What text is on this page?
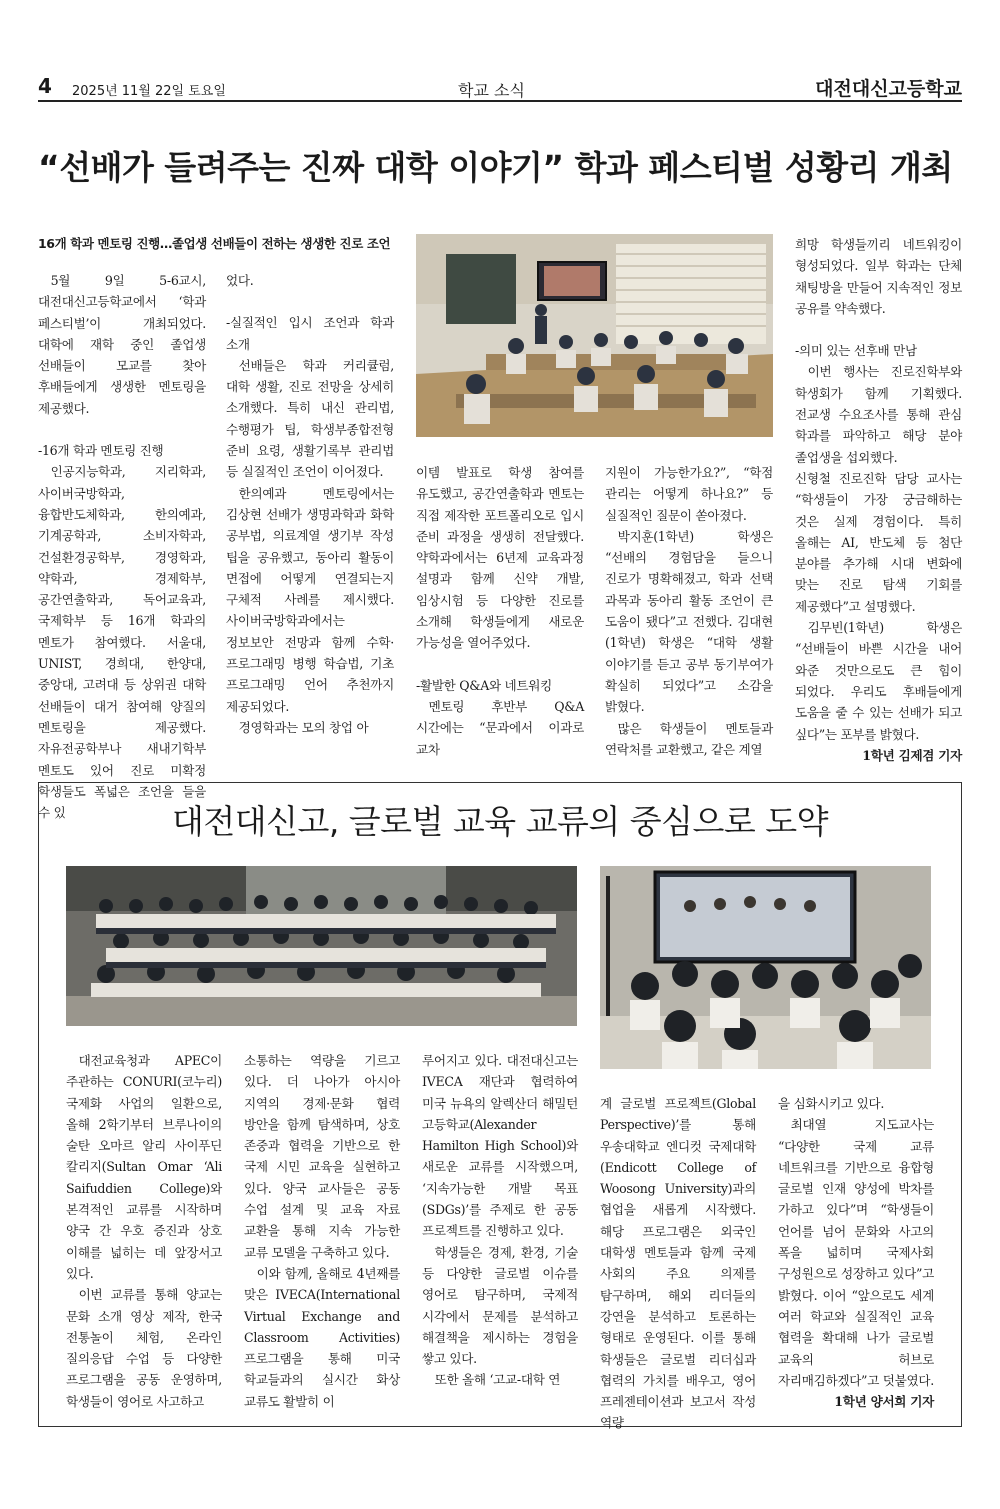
4 2025년 11월 22일 토요일	학교 소식	대전대신고등학교
“선배가 들려주는 진짜 대학 이야기” 학과 페스티벌 성황리 개최
16개 학과 멘토링 진행…졸업생 선배들이 전하는 생생한 진로 조언

5월 9일 5-6교시, 대전대신고등학교에서 ‘학과 페스티벌’이 개최되었다. 대학에 재학 중인 졸업생 선배들이 모교를 찾아 후배들에게 생생한 멘토링을 제공했다.

-16개 학과 멘토링 진행

인공지능학과, 지리학과, 사이버국방학과, 융합반도체학과, 한의예과, 기계공학과, 소비자학과, 건설환경공학부, 경영학과, 약학과, 경제학부, 공간연출학과, 독어교육과, 국제학부 등 16개 학과의 멘토가 참여했다. 서울대, UNIST, 경희대, 한양대, 중앙대, 고려대 등 상위권 대학 선배들이 대거 참여해 양질의 멘토링을 제공했다. 자유전공학부나 새내기학부 멘토도 있어 진로 미확정 학생들도 폭넓은 조언을 들을 수 있

었다.

-실질적인 입시 조언과 학과 소개

선배들은 학과 커리큘럼, 대학 생활, 진로 전망을 상세히 소개했다. 특히 내신 관리법, 수행평가 팁, 학생부종합전형 준비 요령, 생활기록부 관리법 등 실질적인 조언이 이어졌다.

한의예과 멘토링에서는 김상현 선배가 생명과학과 화학 공부법, 의료계열 생기부 작성 팁을 공유했고, 동아리 활동이 면접에 어떻게 연결되는지 구체적 사례를 제시했다. 사이버국방학과에서는 정보보안 전망과 함께 수학·프로그래밍 병행 학습법, 기초 프로그래밍 언어 추천까지 제공되었다.

경영학과는 모의 창업 아

이템 발표로 학생 참여를 유도했고, 공간연출학과 멘토는 직접 제작한 포트폴리오로 입시 준비 과정을 생생히 전달했다. 약학과에서는 6년제 교육과정 설명과 함께 신약 개발, 임상시험 등 다양한 진로를 소개해 학생들에게 새로운 가능성을 열어주었다.

-활발한 Q&A와 네트워킹

멘토링 후반부 Q&A 시간에는 “문과에서 이과로 교차

지원이 가능한가요?”, “학점 관리는 어떻게 하나요?” 등 실질적인 질문이 쏟아졌다.

박지훈(1학년) 학생은 “선배의 경험담을 들으니 진로가 명확해졌고, 학과 선택 과목과 동아리 활동 조언이 큰 도움이 됐다”고 전했다. 김대현(1학년) 학생은 “대학 생활 이야기를 듣고 공부 동기부여가 확실히 되었다”고 소감을 밝혔다.

많은 학생들이 멘토들과 연락처를 교환했고, 같은 계열

희망 학생들끼리 네트워킹이 형성되었다. 일부 학과는 단체 채팅방을 만들어 지속적인 정보 공유를 약속했다.

-의미 있는 선후배 만남

이번 행사는 진로진학부와 학생회가 함께 기획했다. 전교생 수요조사를 통해 관심 학과를 파악하고 해당 분야 졸업생을 섭외했다.

신형철 진로진학 담당 교사는 “학생들이 가장 궁금해하는 것은 실제 경험이다. 특히 올해는 AI, 반도체 등 첨단 분야를 추가해 시대 변화에 맞는 진로 탐색 기회를 제공했다”고 설명했다.

김무빈(1학년) 학생은 “선배들이 바쁜 시간을 내어 와준 것만으로도 큰 힘이 되었다. 우리도 후배들에게 도움을 줄 수 있는 선배가 되고 싶다”는 포부를 밝혔다.

1학년 김제겸 기자

대전대신고, 글로벌 교육 교류의 중심으로 도약

대전교육청과 APEC이 주관하는 CONURI(코누리) 국제화 사업의 일환으로, 올해 2학기부터 브루나이의 술탄 오마르 알리 사이푸딘 칼리지(Sultan Omar ‘Ali Saifuddien College)와 본격적인 교류를 시작하며 양국 간 우호 증진과 상호 이해를 넓히는 데 앞장서고 있다.

이번 교류를 통해 양교는 문화 소개 영상 제작, 한국 전통놀이 체험, 온라인 질의응답 수업 등 다양한 프로그램을 공동 운영하며, 학생들이 영어로 사고하고

소통하는 역량을 기르고 있다. 더 나아가 아시아 지역의 경제·문화 협력 방안을 함께 탐색하며, 상호 존중과 협력을 기반으로 한 국제 시민 교육을 실현하고 있다. 양국 교사들은 공동 수업 설계 및 교육 자료 교환을 통해 지속 가능한 교류 모델을 구축하고 있다.

이와 함께, 올해로 4년째를 맞은 IVECA(International Virtual Exchange and Classroom Activities) 프로그램을 통해 미국 학교들과의 실시간 화상 교류도 활발히 이

루어지고 있다. 대전대신고는 IVECA 재단과 협력하여 미국 뉴욕의 알렉산더 해밀턴 고등학교(Alexander Hamilton High School)와 새로운 교류를 시작했으며, ‘지속가능한 개발 목표(SDGs)’를 주제로 한 공동 프로젝트를 진행하고 있다.

학생들은 경제, 환경, 기술 등 다양한 글로벌 이슈를 영어로 탐구하며, 국제적 시각에서 문제를 분석하고 해결책을 제시하는 경험을 쌓고 있다.

또한 올해 ‘고교-대학 연

계 글로벌 프로젝트(Global Perspective)’를 통해 우송대학교 엔디컷 국제대학(Endicott College of Woosong University)과의 협업을 새롭게 시작했다. 해당 프로그램은 외국인 대학생 멘토들과 함께 국제 사회의 주요 의제를 탐구하며, 해외 리더들의 강연을 분석하고 토론하는 형태로 운영된다. 이를 통해 학생들은 글로벌 리더십과 협력의 가치를 배우고, 영어 프레젠테이션과 보고서 작성 역량

을 심화시키고 있다.

최대열 지도교사는 “다양한 국제 교류 네트워크를 기반으로 융합형 글로벌 인재 양성에 박차를 가하고 있다”며 “학생들이 언어를 넘어 문화와 사고의 폭을 넓히며 국제사회 구성원으로 성장하고 있다”고 밝혔다. 이어 “앞으로도 세계 여러 학교와 실질적인 교육 협력을 확대해 나가 글로벌 교육의 허브로 자리매김하겠다”고 덧붙였다.

1학년 양서희 기자
